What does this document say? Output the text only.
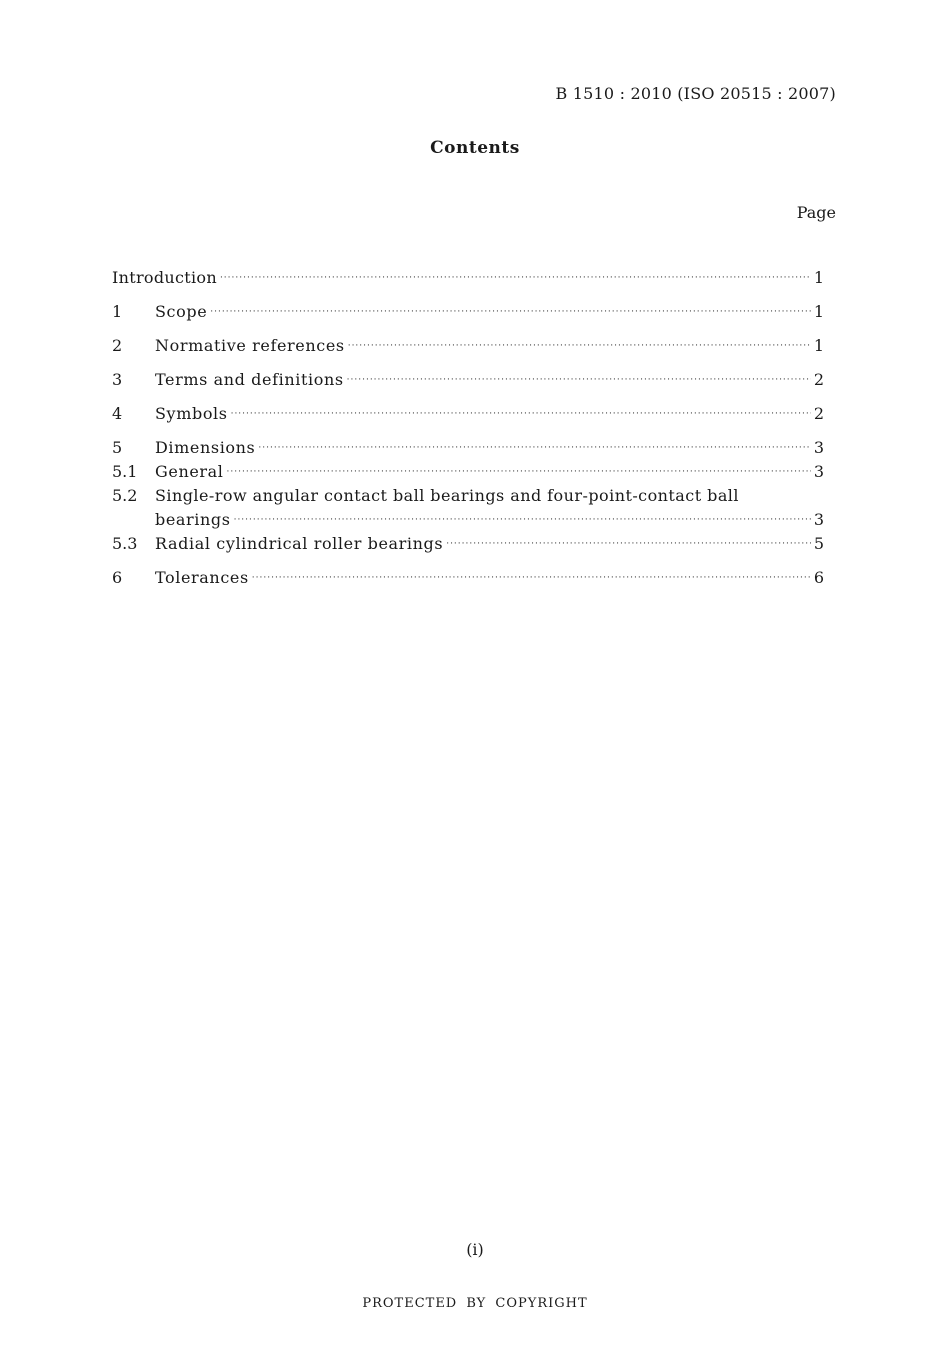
B 1510 : 2010 (ISO 20515 : 2007)
Contents
Page
Introduction ·····	1
1	Scope ·····	1
2	Normative references ·····	1
3	Terms and definitions ·····	2
4	Symbols ·····	2
5	Dimensions ·····	3
5.1	General ·····	3
5.2	Single-row angular contact ball bearings and four-point-contact ball
bearings ·····	3
5.3	Radial cylindrical roller bearings ·····	5
6	Tolerances ·····	6
(i)
PROTECTED BY COPYRIGHT
